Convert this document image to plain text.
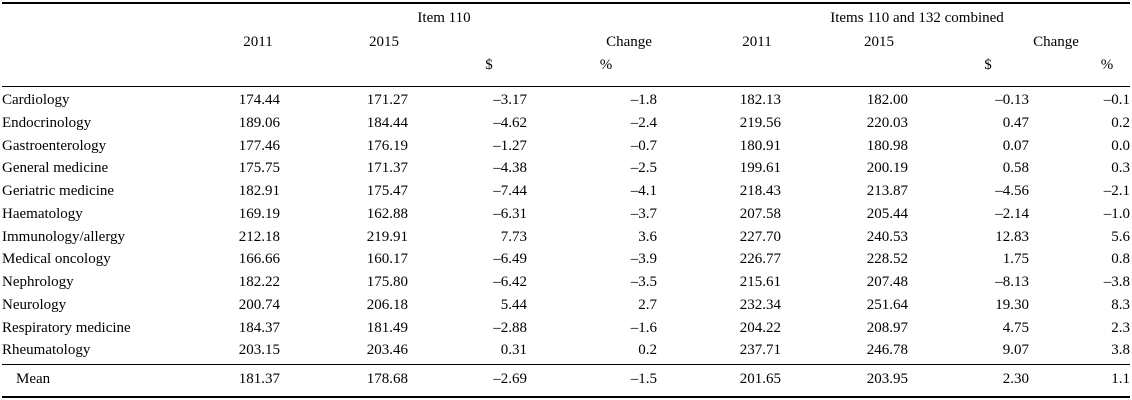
Item 110	Items 110 and 132 combined
2011	2015	Change	2011	2015	Change
$	%	$	%
Cardiology	174.44	171.27	–3.17	–1.8	182.13	182.00	–0.13	–0.1
Endocrinology	189.06	184.44	–4.62	–2.4	219.56	220.03	0.47	0.2
Gastroenterology	177.46	176.19	–1.27	–0.7	180.91	180.98	0.07	0.0
General medicine	175.75	171.37	–4.38	–2.5	199.61	200.19	0.58	0.3
Geriatric medicine	182.91	175.47	–7.44	–4.1	218.43	213.87	–4.56	–2.1
Haematology	169.19	162.88	–6.31	–3.7	207.58	205.44	–2.14	–1.0
Immunology/allergy	212.18	219.91	7.73	3.6	227.70	240.53	12.83	5.6
Medical oncology	166.66	160.17	–6.49	–3.9	226.77	228.52	1.75	0.8
Nephrology	182.22	175.80	–6.42	–3.5	215.61	207.48	–8.13	–3.8
Neurology	200.74	206.18	5.44	2.7	232.34	251.64	19.30	8.3
Respiratory medicine	184.37	181.49	–2.88	–1.6	204.22	208.97	4.75	2.3
Rheumatology	203.15	203.46	0.31	0.2	237.71	246.78	9.07	3.8
Mean	181.37	178.68	–2.69	–1.5	201.65	203.95	2.30	1.1
